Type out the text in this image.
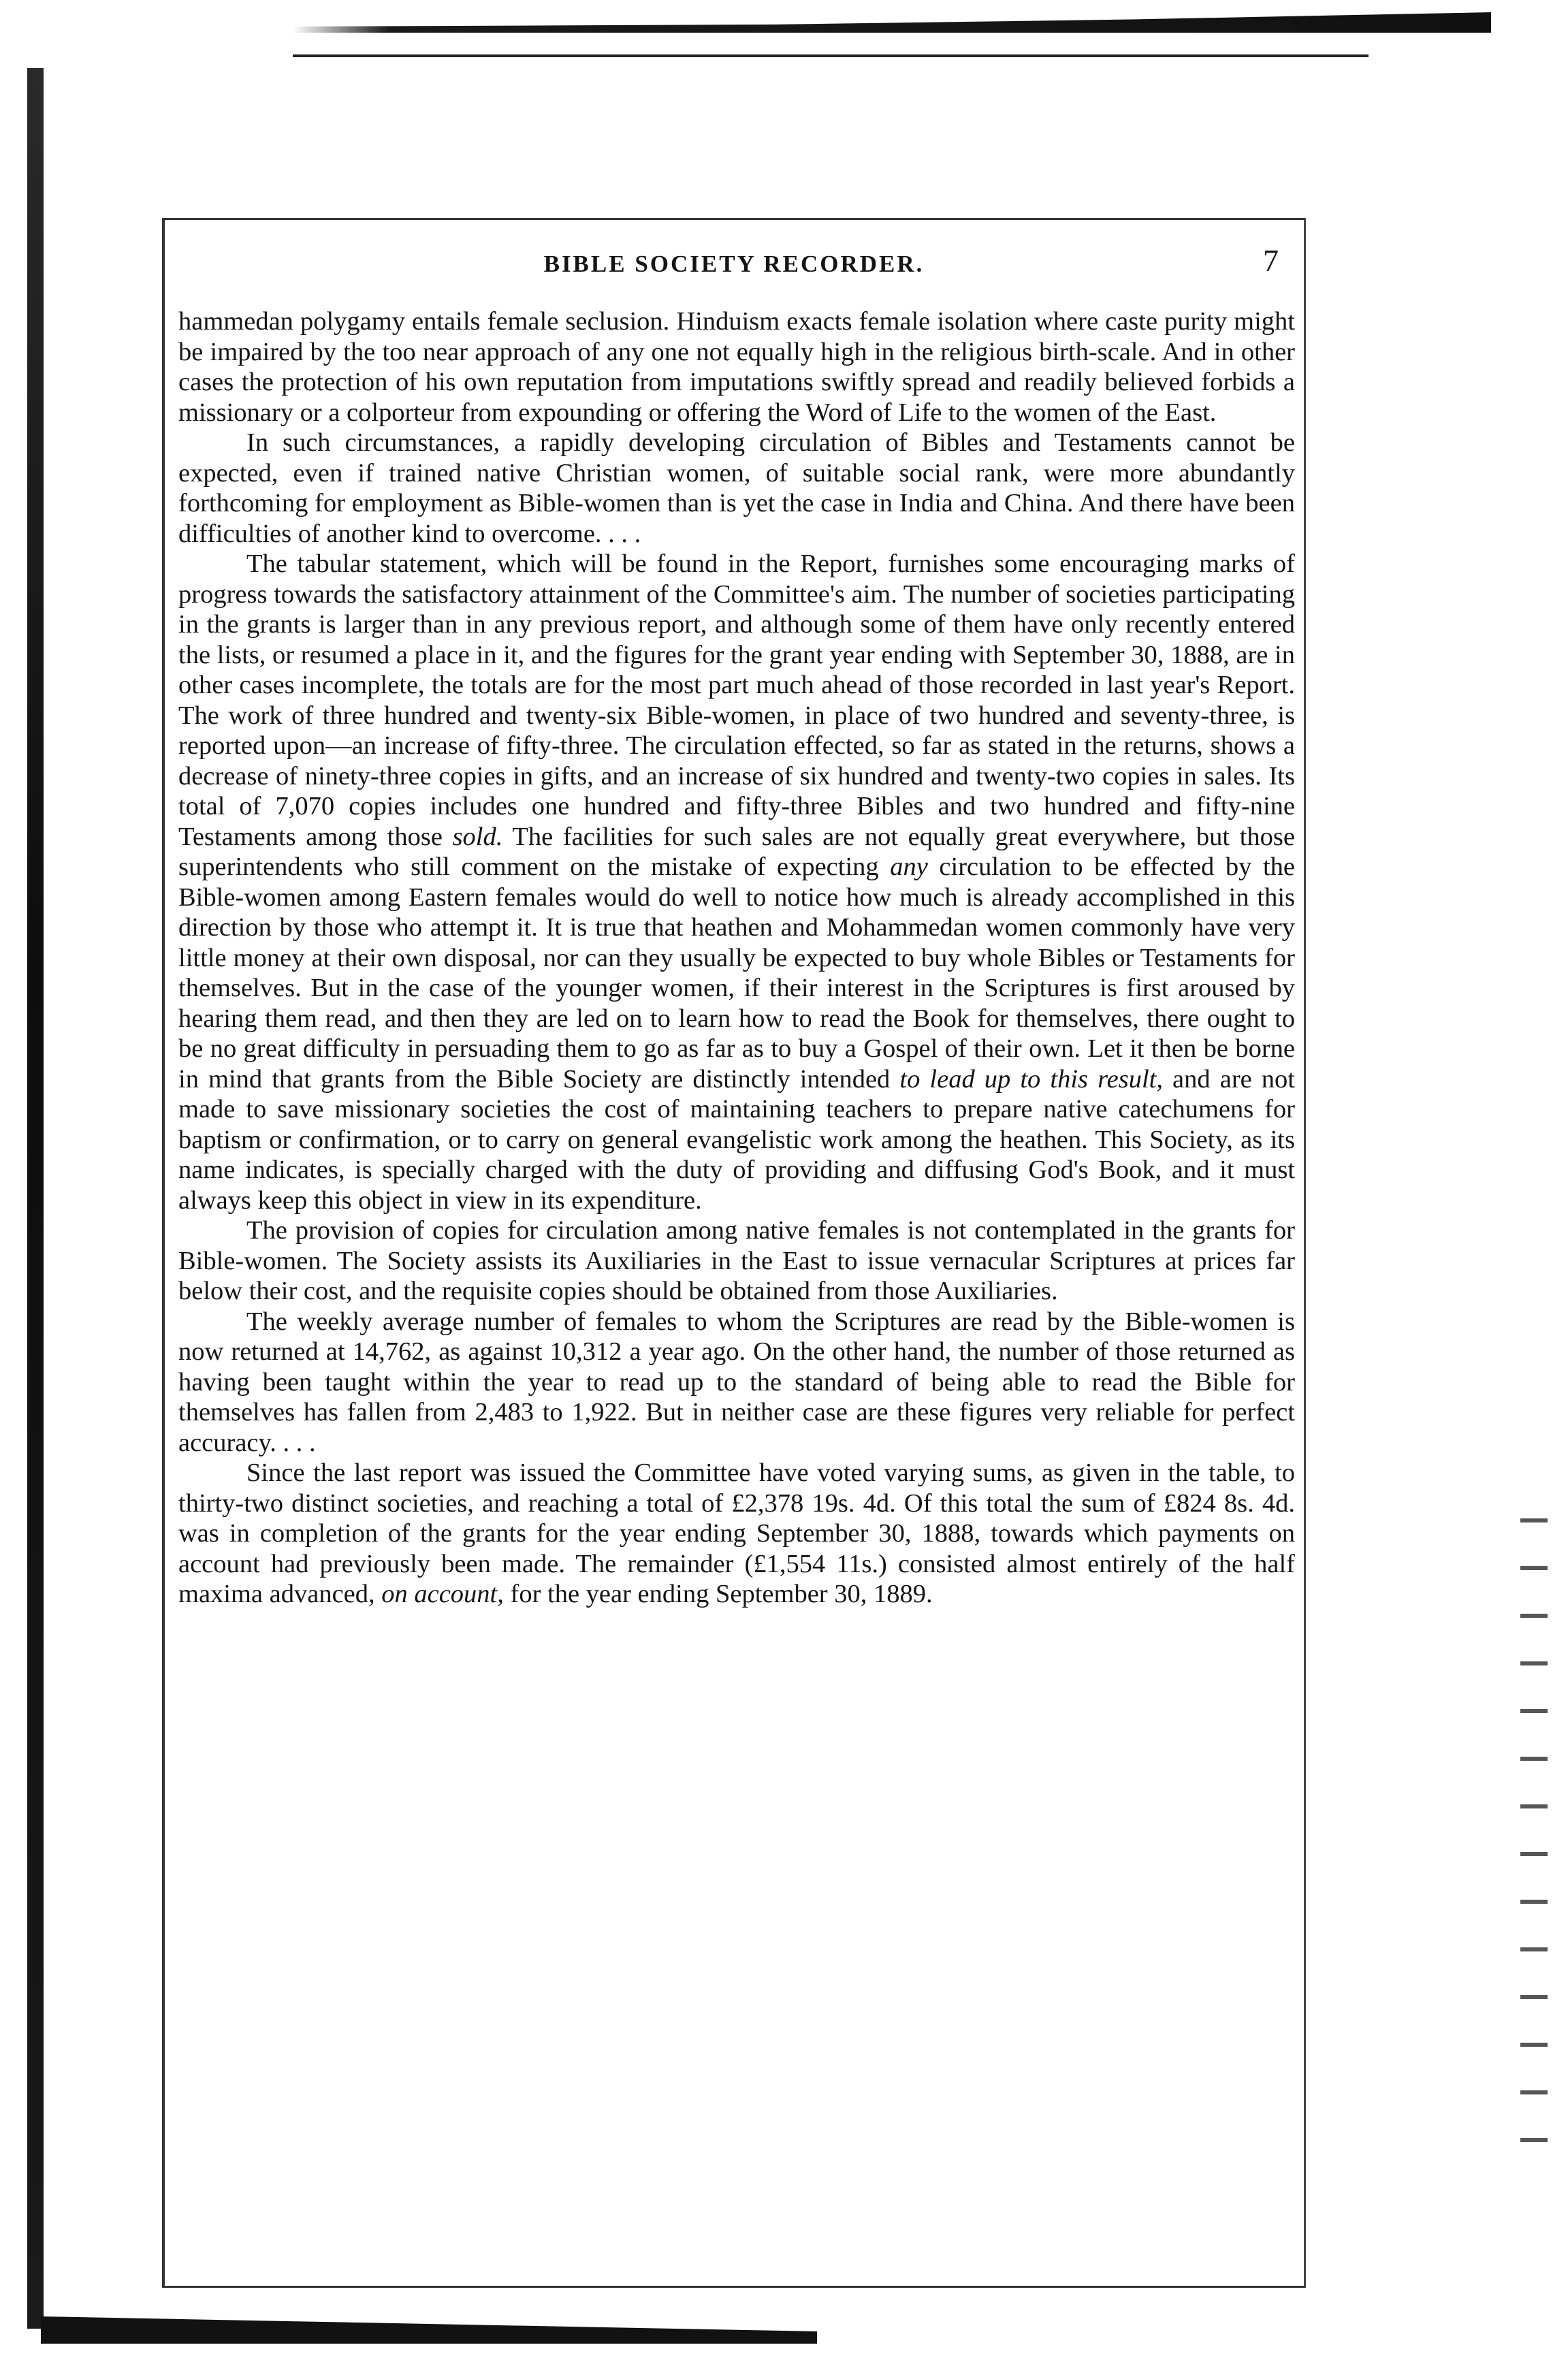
BIBLE SOCIETY RECORDER.	7

hammedan polygamy entails female seclusion. Hinduism exacts female isolation where caste purity might be impaired by the too near approach of any one not equally high in the religious birth-scale. And in other cases the protection of his own reputation from imputations swiftly spread and readily believed forbids a missionary or a colporteur from expounding or offering the Word of Life to the women of the East.

In such circumstances, a rapidly developing circulation of Bibles and Testaments cannot be expected, even if trained native Christian women, of suitable social rank, were more abundantly forthcoming for employment as Bible-women than is yet the case in India and China. And there have been difficulties of another kind to overcome. . . .

The tabular statement, which will be found in the Report, furnishes some encouraging marks of progress towards the satisfactory attainment of the Committee's aim. The number of societies participating in the grants is larger than in any previous report, and although some of them have only recently entered the lists, or resumed a place in it, and the figures for the grant year ending with September 30, 1888, are in other cases incomplete, the totals are for the most part much ahead of those recorded in last year's Report. The work of three hundred and twenty-six Bible-women, in place of two hundred and seventy-three, is reported upon—an increase of fifty-three. The circulation effected, so far as stated in the returns, shows a decrease of ninety-three copies in gifts, and an increase of six hundred and twenty-two copies in sales. Its total of 7,070 copies includes one hundred and fifty-three Bibles and two hundred and fifty-nine Testaments among those sold. The facilities for such sales are not equally great everywhere, but those superintendents who still comment on the mistake of expecting any circulation to be effected by the Bible-women among Eastern females would do well to notice how much is already accomplished in this direction by those who attempt it. It is true that heathen and Mohammedan women commonly have very little money at their own disposal, nor can they usually be expected to buy whole Bibles or Testaments for themselves. But in the case of the younger women, if their interest in the Scriptures is first aroused by hearing them read, and then they are led on to learn how to read the Book for themselves, there ought to be no great difficulty in persuading them to go as far as to buy a Gospel of their own. Let it then be borne in mind that grants from the Bible Society are distinctly intended to lead up to this result, and are not made to save missionary societies the cost of maintaining teachers to prepare native catechumens for baptism or confirmation, or to carry on general evangelistic work among the heathen. This Society, as its name indicates, is specially charged with the duty of providing and diffusing God's Book, and it must always keep this object in view in its expenditure.

The provision of copies for circulation among native females is not contemplated in the grants for Bible-women. The Society assists its Auxiliaries in the East to issue vernacular Scriptures at prices far below their cost, and the requisite copies should be obtained from those Auxiliaries.

The weekly average number of females to whom the Scriptures are read by the Bible-women is now returned at 14,762, as against 10,312 a year ago. On the other hand, the number of those returned as having been taught within the year to read up to the standard of being able to read the Bible for themselves has fallen from 2,483 to 1,922. But in neither case are these figures very reliable for perfect accuracy. . . .

Since the last report was issued the Committee have voted varying sums, as given in the table, to thirty-two distinct societies, and reaching a total of £2,378 19s. 4d. Of this total the sum of £824 8s. 4d. was in completion of the grants for the year ending September 30, 1888, towards which payments on account had previously been made. The remainder (£1,554 11s.) consisted almost entirely of the half maxima advanced, on account, for the year ending September 30, 1889.
